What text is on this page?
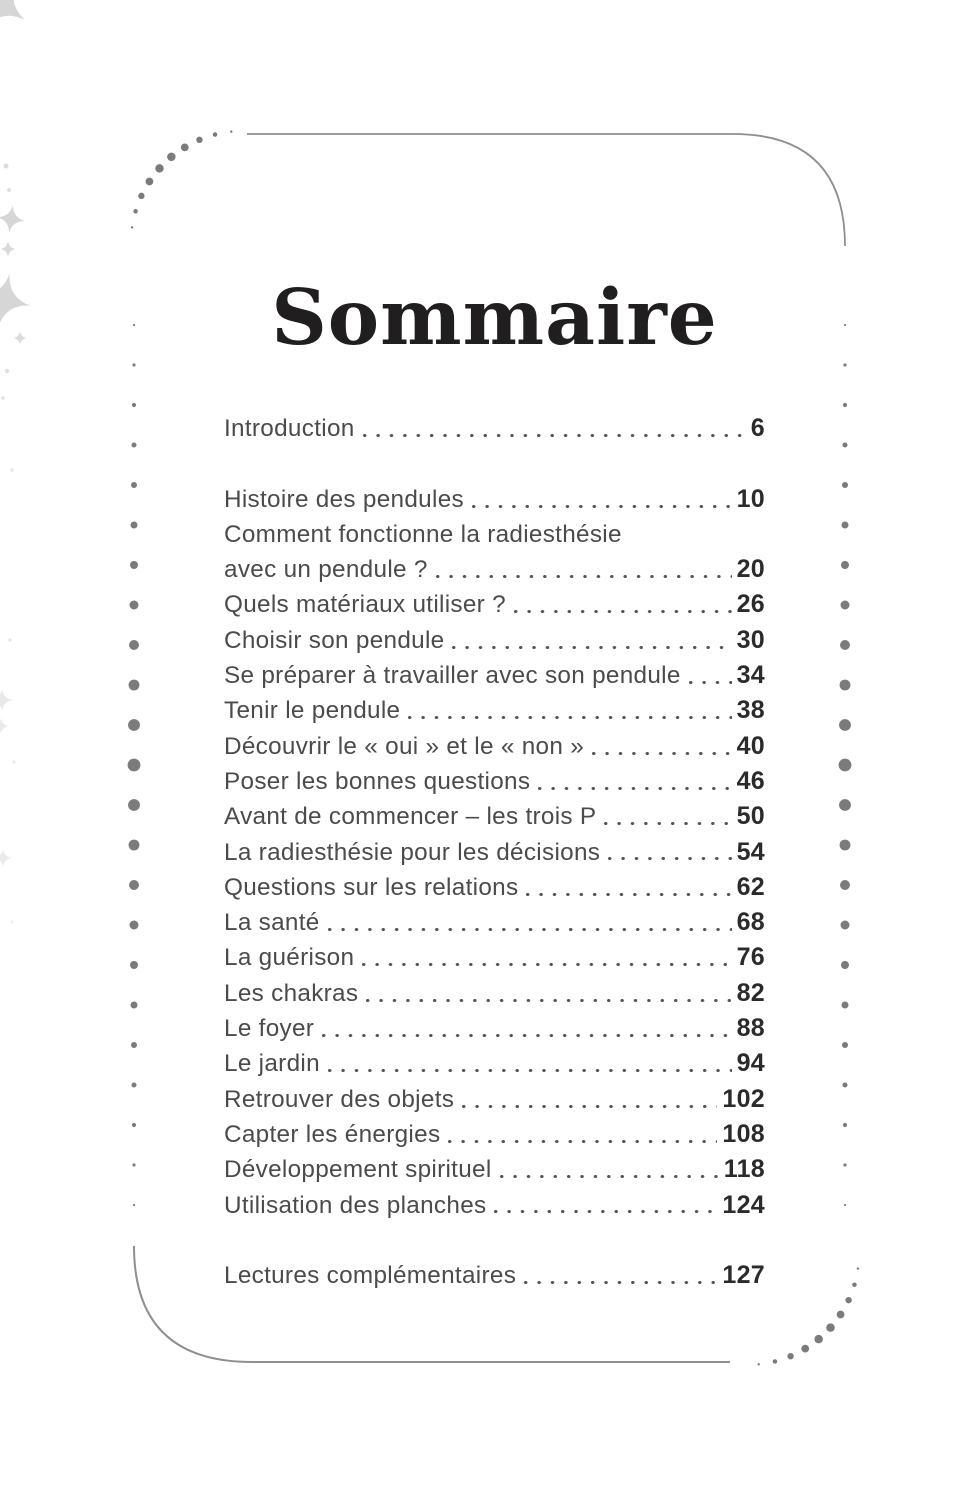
Sommaire
Introduction	6
Histoire des pendules	10
Comment fonctionne la radiesthésie
avec un pendule ?	20
Quels matériaux utiliser ?	26
Choisir son pendule	30
Se préparer à travailler avec son pendule 34
Tenir le pendule	38
Découvrir le « oui » et le « non »	40
Poser les bonnes questions	46
Avant de commencer – les trois P	50
La radiesthésie pour les décisions	54
Questions sur les relations	62
La santé	68
La guérison	76
Les chakras	82
Le foyer	88
Le jardin	94
Retrouver des objets	102
Capter les énergies	108
Développement spirituel	118
Utilisation des planches	124
Lectures complémentaires	127
